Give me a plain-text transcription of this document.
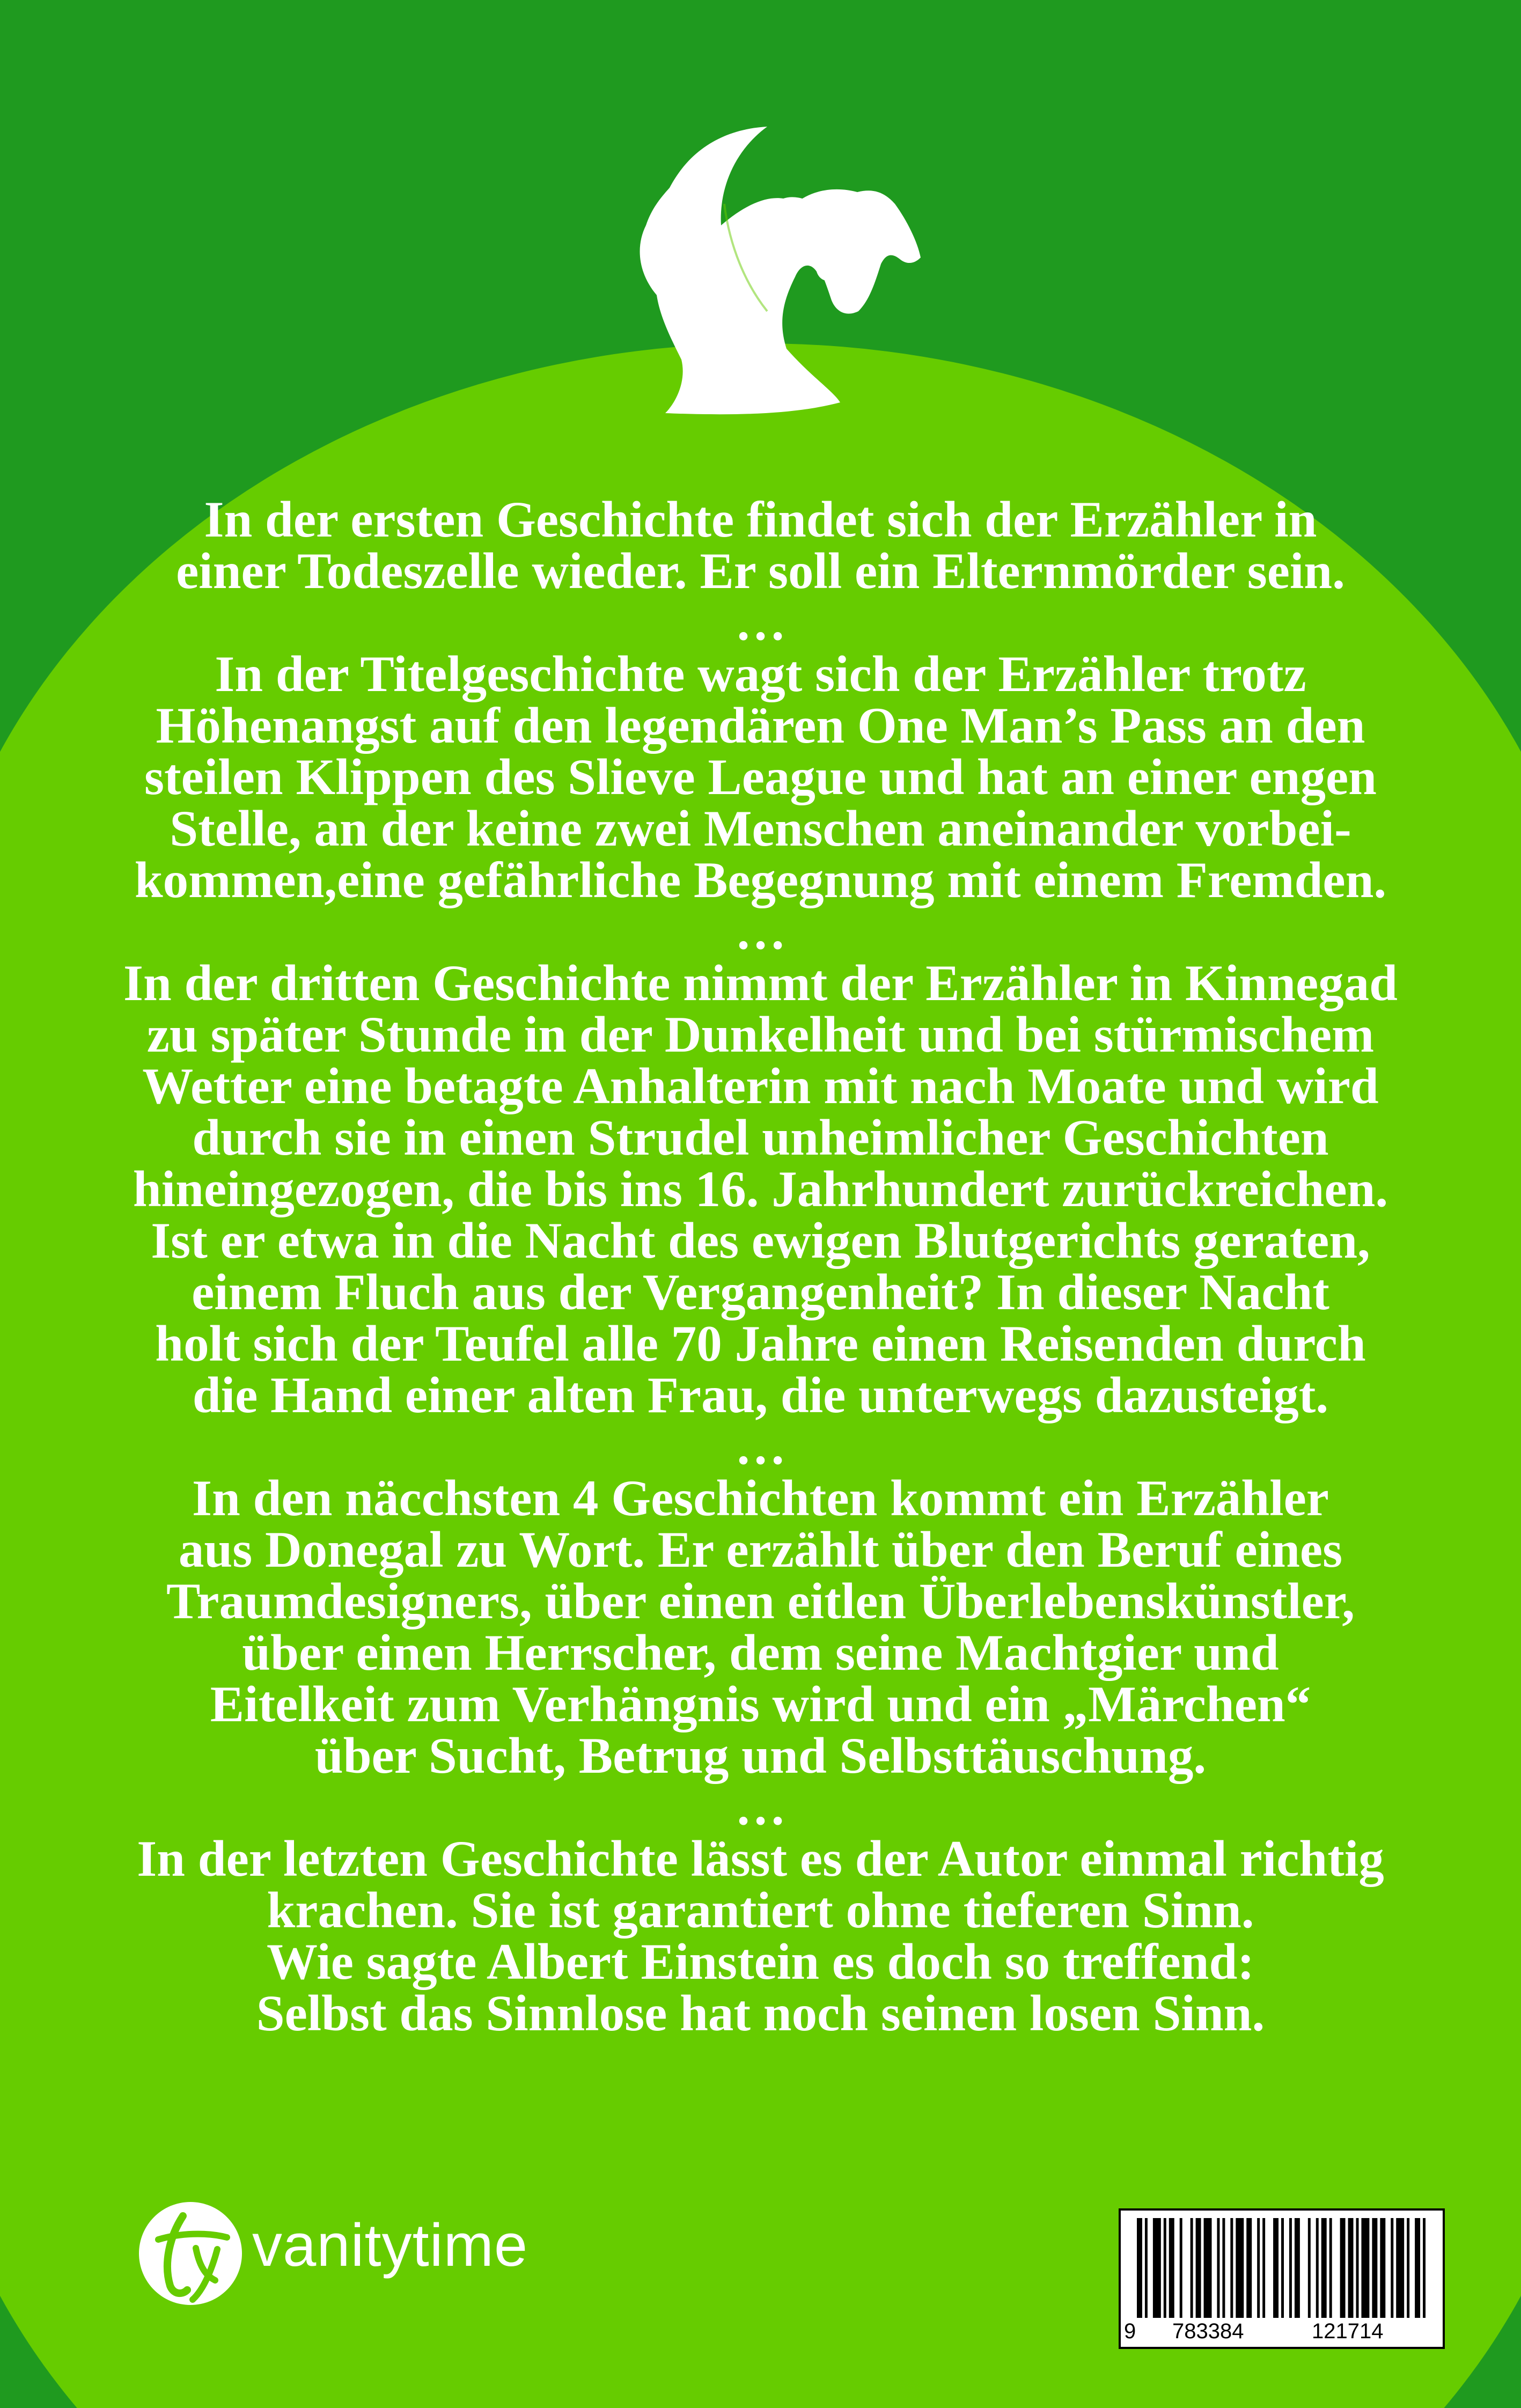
In der ersten Geschichte findet sich der Erzähler in
einer Todeszelle wieder. Er soll ein Elternmörder sein.
…
In der Titelgeschichte wagt sich der Erzähler trotz
Höhenangst auf den legendären One Man’s Pass an den
steilen Klippen des Slieve League und hat an einer engen
Stelle, an der keine zwei Menschen aneinander vorbei-
kommen,eine gefährliche Begegnung mit einem Fremden.
…
In der dritten Geschichte nimmt der Erzähler in Kinnegad
zu später Stunde in der Dunkelheit und bei stürmischem
Wetter eine betagte Anhalterin mit nach Moate und wird
durch sie in einen Strudel unheimlicher Geschichten
hineingezogen, die bis ins 16. Jahrhundert zurückreichen.
Ist er etwa in die Nacht des ewigen Blutgerichts geraten,
einem Fluch aus der Vergangenheit? In dieser Nacht
holt sich der Teufel alle 70 Jahre einen Reisenden durch
die Hand einer alten Frau, die unterwegs dazusteigt.
…
In den näcchsten 4 Geschichten kommt ein Erzähler
aus Donegal zu Wort. Er erzählt über den Beruf eines
Traumdesigners, über einen eitlen Überlebenskünstler,
über einen Herrscher, dem seine Machtgier und
Eitelkeit zum Verhängnis wird und ein „Märchen“
über Sucht, Betrug und Selbsttäuschung.
…
In der letzten Geschichte lässt es der Autor einmal richtig
krachen. Sie ist garantiert ohne tieferen Sinn.
Wie sagte Albert Einstein es doch so treffend:
Selbst das Sinnlose hat noch seinen losen Sinn.
vanitytime
9 783384	121714
